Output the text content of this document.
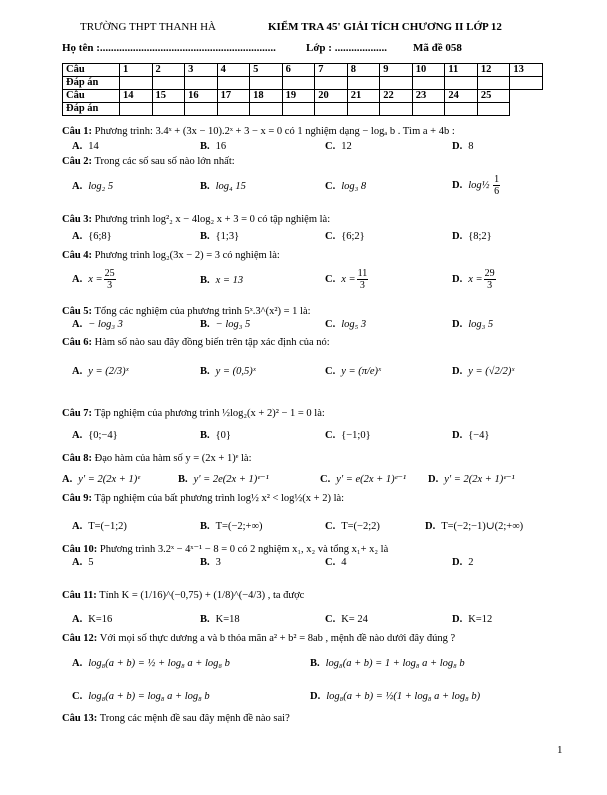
TRƯỜNG THPT THANH HÀ	KIỂM TRA 45' GIẢI TÍCH CHƯƠNG II LỚP 12
Họ tên :................................................................	Lớp : ................... Mã đề 058
Câu	1	2	3	4	5	6	7	8	9	10	11	12	13
Đáp án													
Câu	14	15	16	17	18	19	20	21	22	23	24	25	
Đáp án													
Câu 1: Phương trình: 3.4ˣ + (3x − 10).2ˣ + 3 − x = 0 có 1 nghiệm dạng − logₐ b . Tìm a + 4b :
A. 14	B. 16	C. 12	D. 8
Câu 2: Trong các số sau số nào lớn nhất:
A. log₂ 5	B. log₄ 15	C. log₃ 8	D. log½ $\frac{1}{6}$
Câu 3: Phương trình log²₂ x − 4log₂ x + 3 = 0 có tập nghiệm là:
A. {6;8}	B. {1;3}	C. {6;2}	D. {8;2}
Câu 4: Phương trình log₂(3x − 2) = 3 có nghiệm là:
A. $x = \frac{25}{3}$	B. x = 13	C. $x = \frac{11}{3}$	D. $x = \frac{29}{3}$
Câu 5: Tổng các nghiệm của phương trình 5ˣ.3^(x²) = 1 là:
A. − log₃ 3	B. − log₃ 5	C. log₅ 3	D. log₃ 5
Câu 6: Hàm số nào sau đây đồng biến trên tập xác định của nó:
A. y = (2/3)ˣ	B. y = (0,5)ˣ	C. y = (π/e)ˣ	D. y = (√2/2)ˣ
Câu 7: Tập nghiệm của phương trình ½log₂(x + 2)² − 1 = 0 là:
A. {0;−4}	B. {0}	C. {−1;0}	D. {−4}
Câu 8: Đạo hàm của hàm số y = (2x + 1)ᵉ là:
A. y' = 2(2x + 1)ᵉ	B. y' = 2e(2x + 1)ᵉ⁻¹	C. y' = e(2x + 1)ᵉ⁻¹ D. y' = 2(2x + 1)ᵉ⁻¹
Câu 9: Tập nghiệm của bất phương trình log½ x² < log½(x + 2) là:
A. T=(−1;2)	B. T=(−2;+∞)	C. T=(−2;2)	D. T=(−2;−1)∪(2;+∞)
Câu 10: Phương trình 3.2ˣ − 4ˣ⁻¹ − 8 = 0 có 2 nghiệm x₁, x₂ và tổng x₁+ x₂ là
A. 5	B. 3	C. 4	D. 2
Câu 11: Tính K = (1/16)^(−0,75) + (1/8)^(−4/3) , ta được
A. K=16	B. K=18	C. K= 24	D. K=12
Câu 12: Với mọi số thực dương a và b thỏa mãn a² + b² = 8ab , mệnh đề nào dưới đây đúng ?
A. log₈(a + b) = ½ + log₈ a + log₈ b	B. log₈(a + b) = 1 + log₈ a + log₈ b
C. log₈(a + b) = log₈ a + log₈ b	D. log₈(a + b) = ½(1 + log₈ a + log₈ b)
Câu 13: Trong các mệnh đề sau đây mệnh đề nào sai?
1
